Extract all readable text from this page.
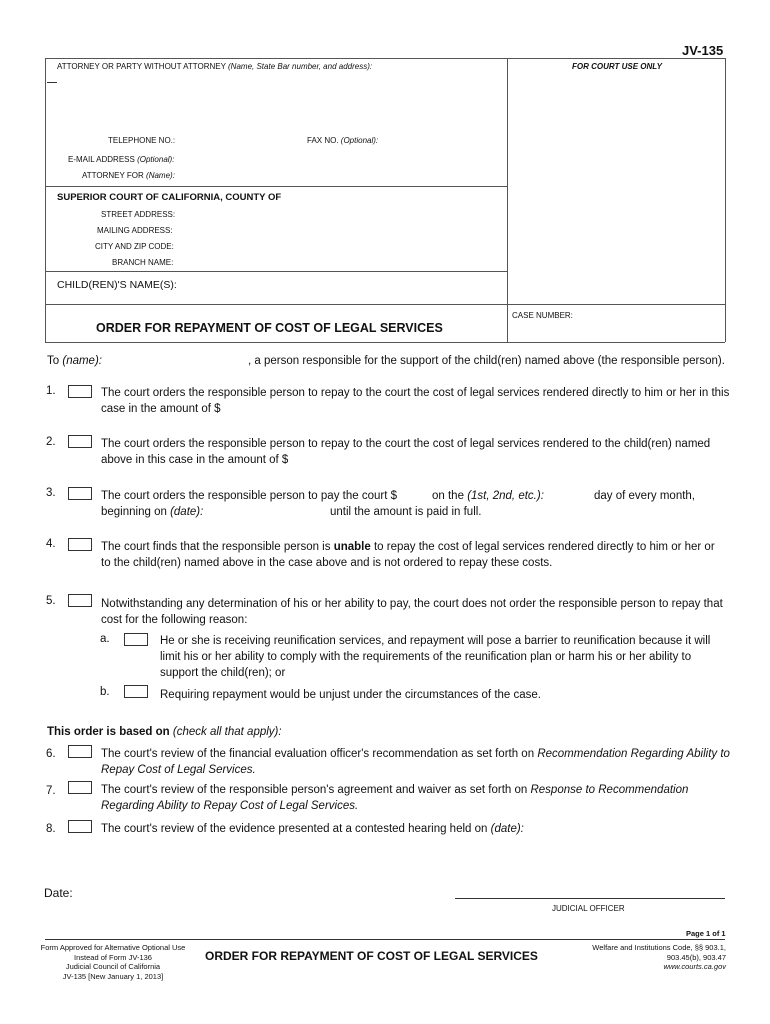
JV-135
ATTORNEY OR PARTY WITHOUT ATTORNEY (Name, State Bar number, and address):	FOR COURT USE ONLY
TELEPHONE NO.:	FAX NO. (Optional):
E-MAIL ADDRESS (Optional):
ATTORNEY FOR (Name):
SUPERIOR COURT OF CALIFORNIA, COUNTY OF
STREET ADDRESS:
MAILING ADDRESS:
CITY AND ZIP CODE:
BRANCH NAME:
CHILD(REN)'S NAME(S):
CASE NUMBER:
ORDER FOR REPAYMENT OF COST OF LEGAL SERVICES
To (name):	, a person responsible for the support of the child(ren) named above (the responsible person).
1.	The court orders the responsible person to repay to the court the cost of legal services rendered directly to him or her in this
case in the amount of $
2.	The court orders the responsible person to repay to the court the cost of legal services rendered to the child(ren) named
above in this case in the amount of $
3.	The court orders the responsible person to pay the court $	on the (1st, 2nd, etc.):	day of every month,
beginning on (date):	until the amount is paid in full.
4.	The court finds that the responsible person is unable to repay the cost of legal services rendered directly to him or her or
to the child(ren) named above in the case above and is not ordered to repay these costs.
5.	Notwithstanding any determination of his or her ability to pay, the court does not order the responsible person to repay that
cost for the following reason:
a.	He or she is receiving reunification services, and repayment will pose a barrier to reunification because it will
limit his or her ability to comply with the requirements of the reunification plan or harm his or her ability to
support the child(ren); or
b.	Requiring repayment would be unjust under the circumstances of the case.
This order is based on (check all that apply):
6.	The court's review of the financial evaluation officer's recommendation as set forth on Recommendation Regarding Ability to
Repay Cost of Legal Services.
7.	The court's review of the responsible person's agreement and waiver as set forth on Response to Recommendation
Regarding Ability to Repay Cost of Legal Services.
8.	The court's review of the evidence presented at a contested hearing held on (date):
Date:
JUDICIAL OFFICER
Page 1 of 1
Form Approved for Alternative Optional Use
Instead of Form JV-136
Judicial Council of California
JV-135 [New January 1, 2013]
ORDER FOR REPAYMENT OF COST OF LEGAL SERVICES
Welfare and Institutions Code, §§ 903.1,
903.45(b), 903.47
www.courts.ca.gov
